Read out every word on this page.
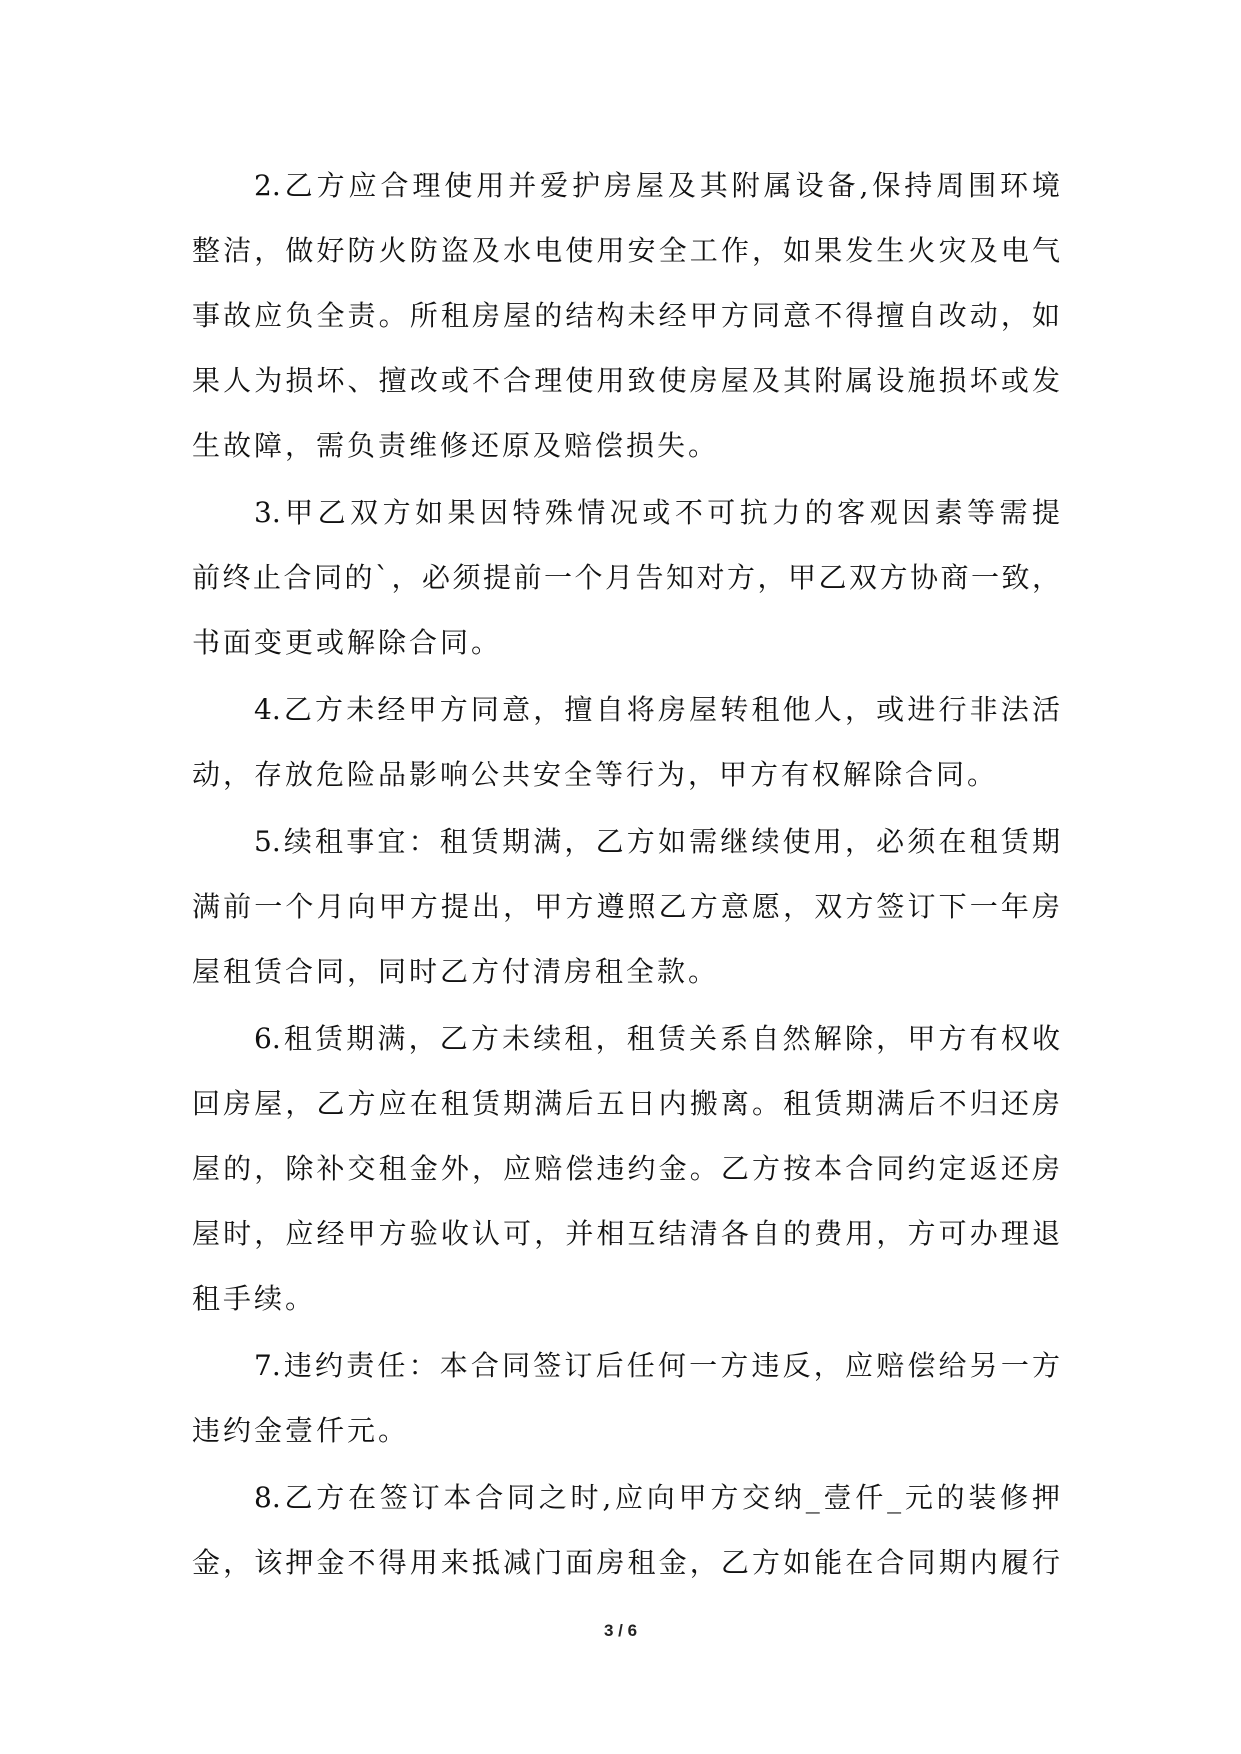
2.乙方应合理使用并爱护房屋及其附属设备,保持周围环境
整洁，做好防火防盗及水电使用安全工作，如果发生火灾及电气
事故应负全责。所租房屋的结构未经甲方同意不得擅自改动，如
果人为损坏、擅改或不合理使用致使房屋及其附属设施损坏或发
生故障，需负责维修还原及赔偿损失。
3.甲乙双方如果因特殊情况或不可抗力的客观因素等需提
前终止合同的`，必须提前一个月告知对方，甲乙双方协商一致，
书面变更或解除合同。
4.乙方未经甲方同意，擅自将房屋转租他人，或进行非法活
动，存放危险品影响公共安全等行为，甲方有权解除合同。
5.续租事宜：租赁期满，乙方如需继续使用，必须在租赁期
满前一个月向甲方提出，甲方遵照乙方意愿，双方签订下一年房
屋租赁合同，同时乙方付清房租全款。
6.租赁期满，乙方未续租，租赁关系自然解除，甲方有权收
回房屋，乙方应在租赁期满后五日内搬离。租赁期满后不归还房
屋的，除补交租金外，应赔偿违约金。乙方按本合同约定返还房
屋时，应经甲方验收认可，并相互结清各自的费用，方可办理退
租手续。
7.违约责任：本合同签订后任何一方违反，应赔偿给另一方
违约金壹仟元。
8.乙方在签订本合同之时,应向甲方交纳_壹仟_元的装修押
金，该押金不得用来抵减门面房租金，乙方如能在合同期内履行
3 / 6
